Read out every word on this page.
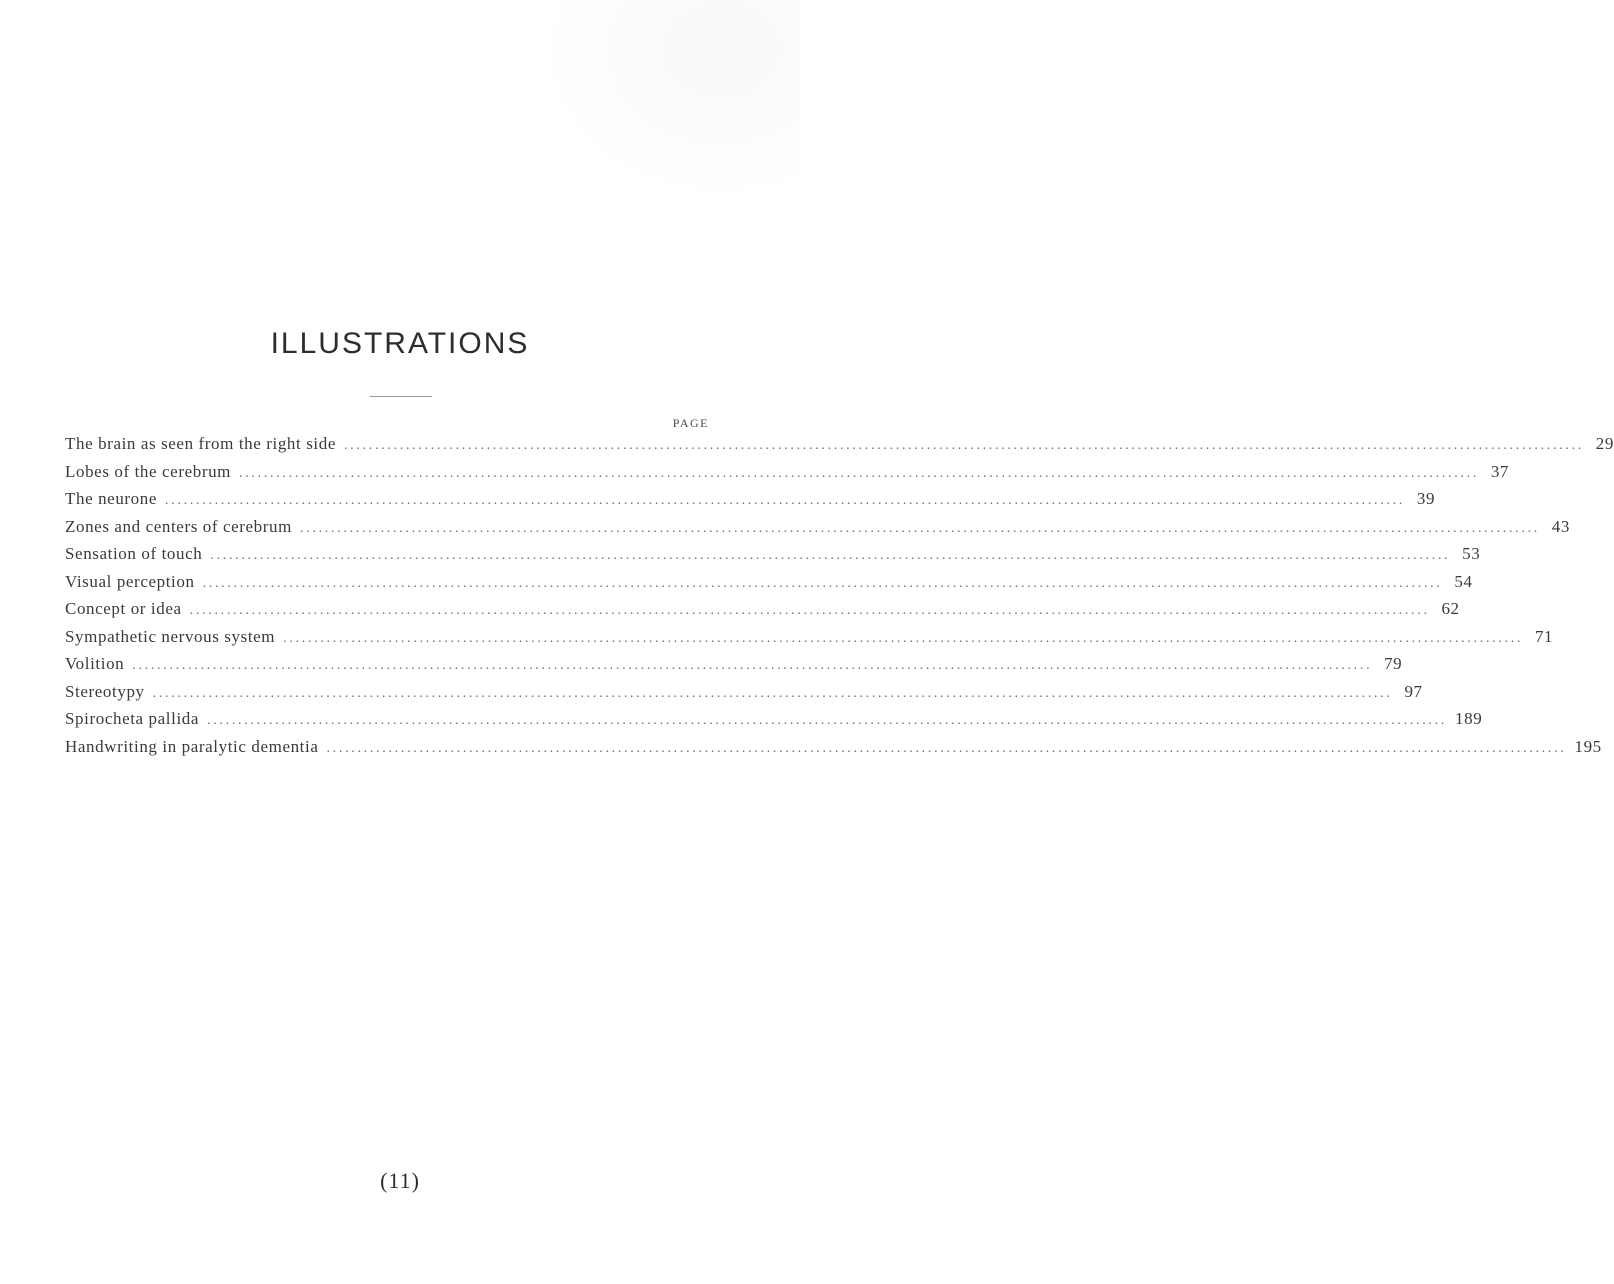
ILLUSTRATIONS
PAGE
The brain as seen from the right side ........................................................................................................................................................................................................ 29
Lobes of the cerebrum ........................................................................................................................................................................................................ 37
The neurone ........................................................................................................................................................................................................ 39
Zones and centers of cerebrum ........................................................................................................................................................................................................ 43
Sensation of touch ........................................................................................................................................................................................................ 53
Visual perception ........................................................................................................................................................................................................ 54
Concept or idea ........................................................................................................................................................................................................ 62
Sympathetic nervous system ........................................................................................................................................................................................................ 71
Volition ........................................................................................................................................................................................................ 79
Stereotypy ........................................................................................................................................................................................................ 97
Spirocheta pallida ........................................................................................................................................................................................................ 189
Handwriting in paralytic dementia ........................................................................................................................................................................................................ 195
(11)
